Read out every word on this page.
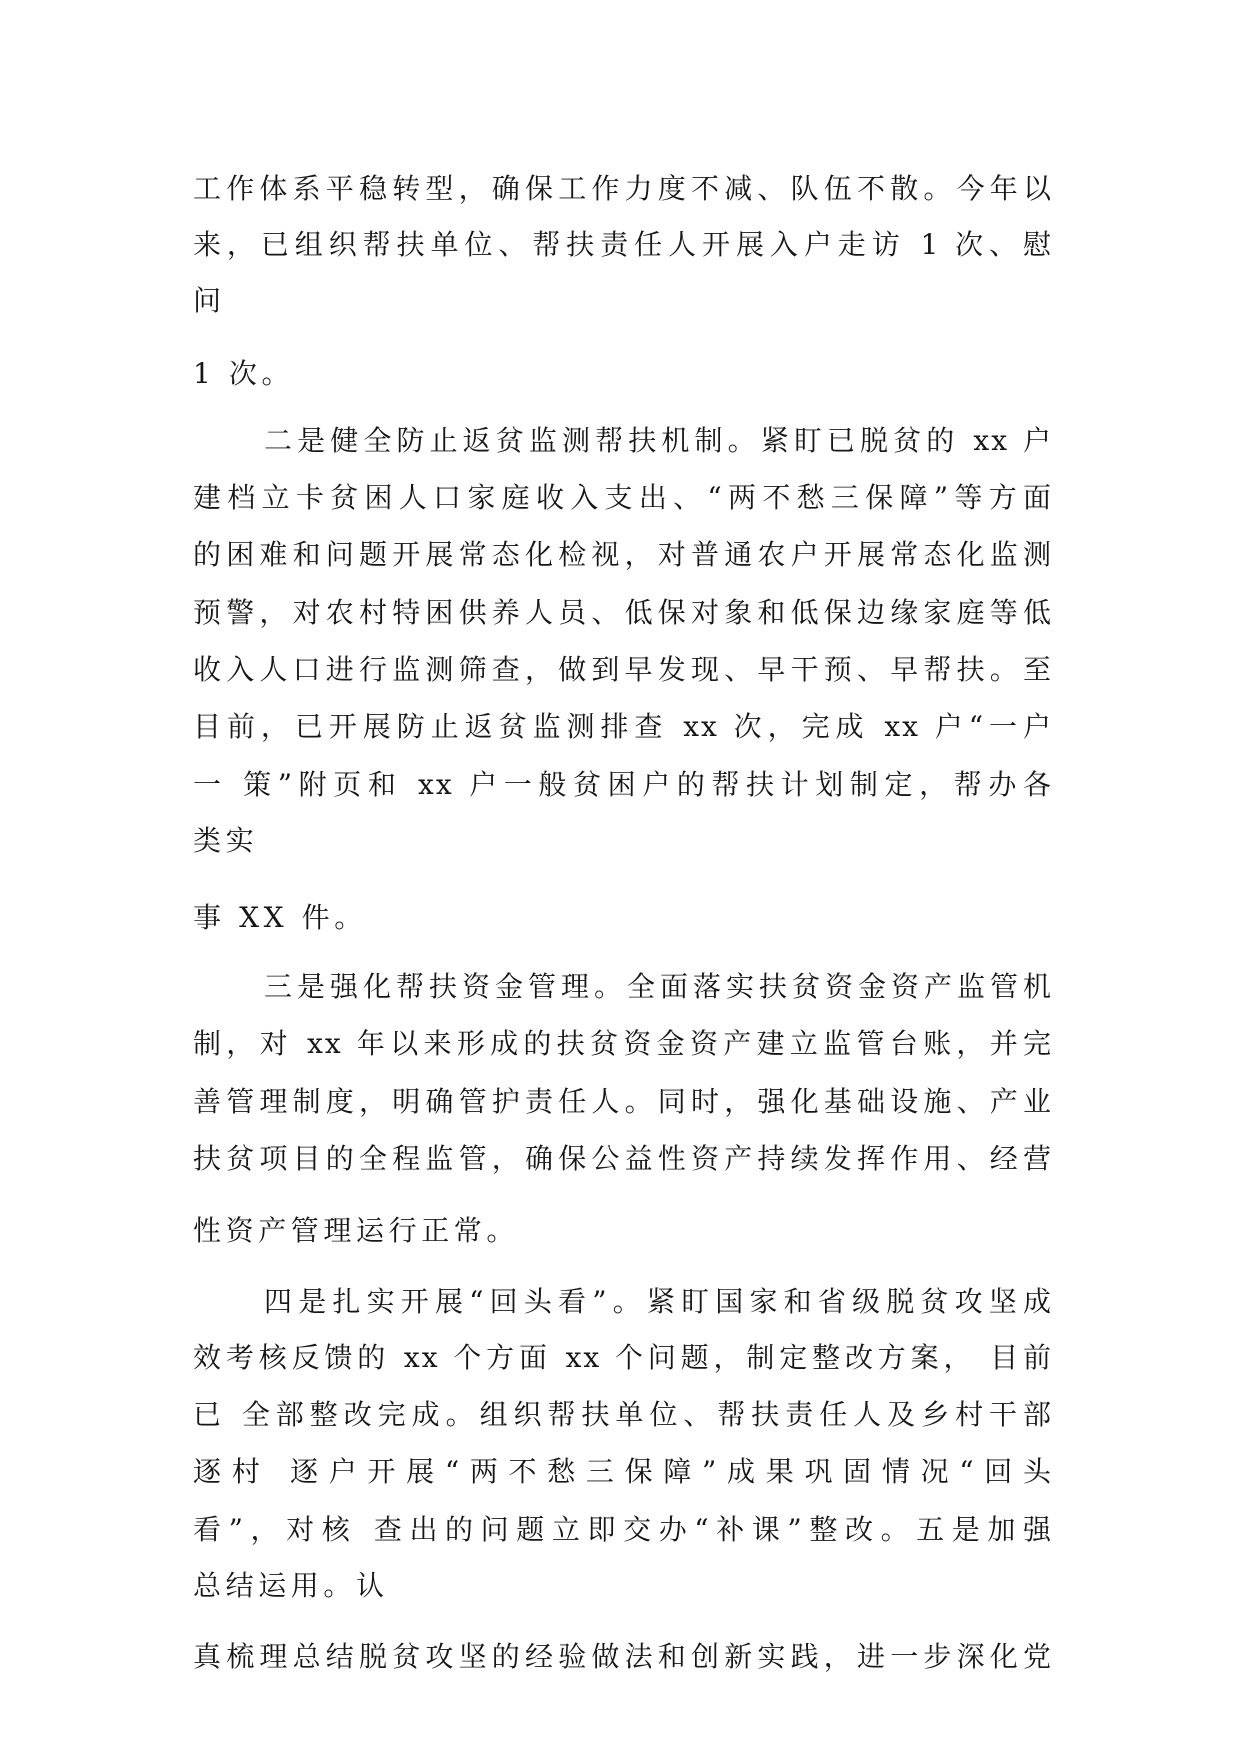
工作体系平稳转型，确保工作力度不减、队伍不散。今年以
来，已组织帮扶单位、帮扶责任人开展入户走访 1 次、慰
问
1 次。
二是健全防止返贫监测帮扶机制。紧盯已脱贫的 xx 户
建档立卡贫困人口家庭收入支出、“两不愁三保障”等方面
的困难和问题开展常态化检视，对普通农户开展常态化监测
预警，对农村特困供养人员、低保对象和低保边缘家庭等低
收入人口进行监测筛查，做到早发现、早干预、早帮扶。至
目前，已开展防止返贫监测排查 xx 次，完成 xx 户“一户
一 策”附页和 xx 户一般贫困户的帮扶计划制定，帮办各
类实
事 XX 件。
三是强化帮扶资金管理。全面落实扶贫资金资产监管机
制，对 xx 年以来形成的扶贫资金资产建立监管台账，并完
善管理制度，明确管护责任人。同时，强化基础设施、产业
扶贫项目的全程监管，确保公益性资产持续发挥作用、经营
性资产管理运行正常。
四是扎实开展“回头看”。紧盯国家和省级脱贫攻坚成
效考核反馈的 xx 个方面 xx 个问题，制定整改方案， 目前
已 全部整改完成。组织帮扶单位、帮扶责任人及乡村干部
逐村 逐户开展“两不愁三保障”成果巩固情况“回头
看”，对核 查出的问题立即交办“补课”整改。五是加强
总结运用。认
真梳理总结脱贫攻坚的经验做法和创新实践，进一步深化党
